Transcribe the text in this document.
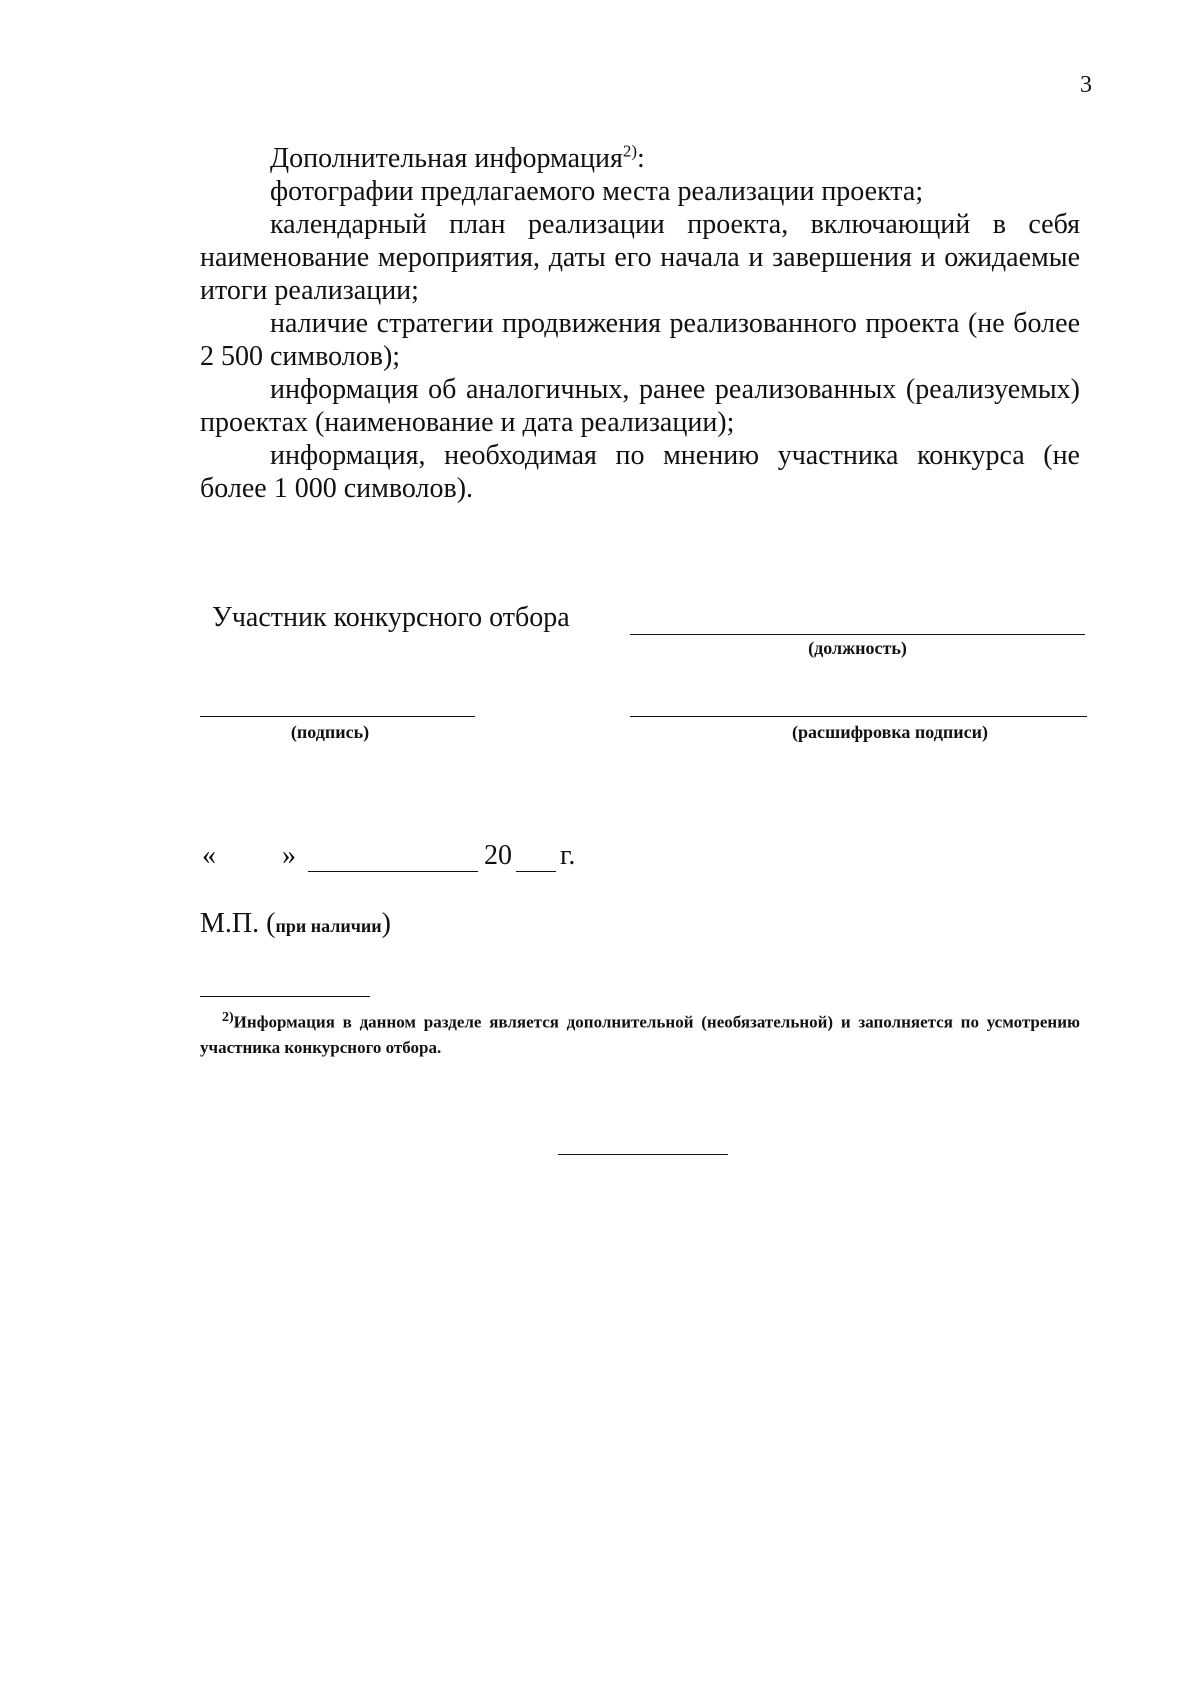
3

Дополнительная информация$^{2)}$:

фотографии предлагаемого места реализации проекта;

календарный план реализации проекта, включающий в себя наименование мероприятия, даты его начала и завершения и ожидаемые итоги реализации;

наличие стратегии продвижения реализованного проекта (не более 2 500 символов);

информация об аналогичных, ранее реализованных (реализуемых) проектах (наименование и дата реализации);

информация, необходимая по мнению участника конкурса (не более 1 000 символов).

Участник конкурсного отбора
(должность)
(подпись)	(расшифровка подписи)
« »	20 г.
М.П. (при наличии)

$^{2)}$Информация в данном разделе является дополнительной (необязательной) и заполняется по усмотрению участника конкурсного отбора.
